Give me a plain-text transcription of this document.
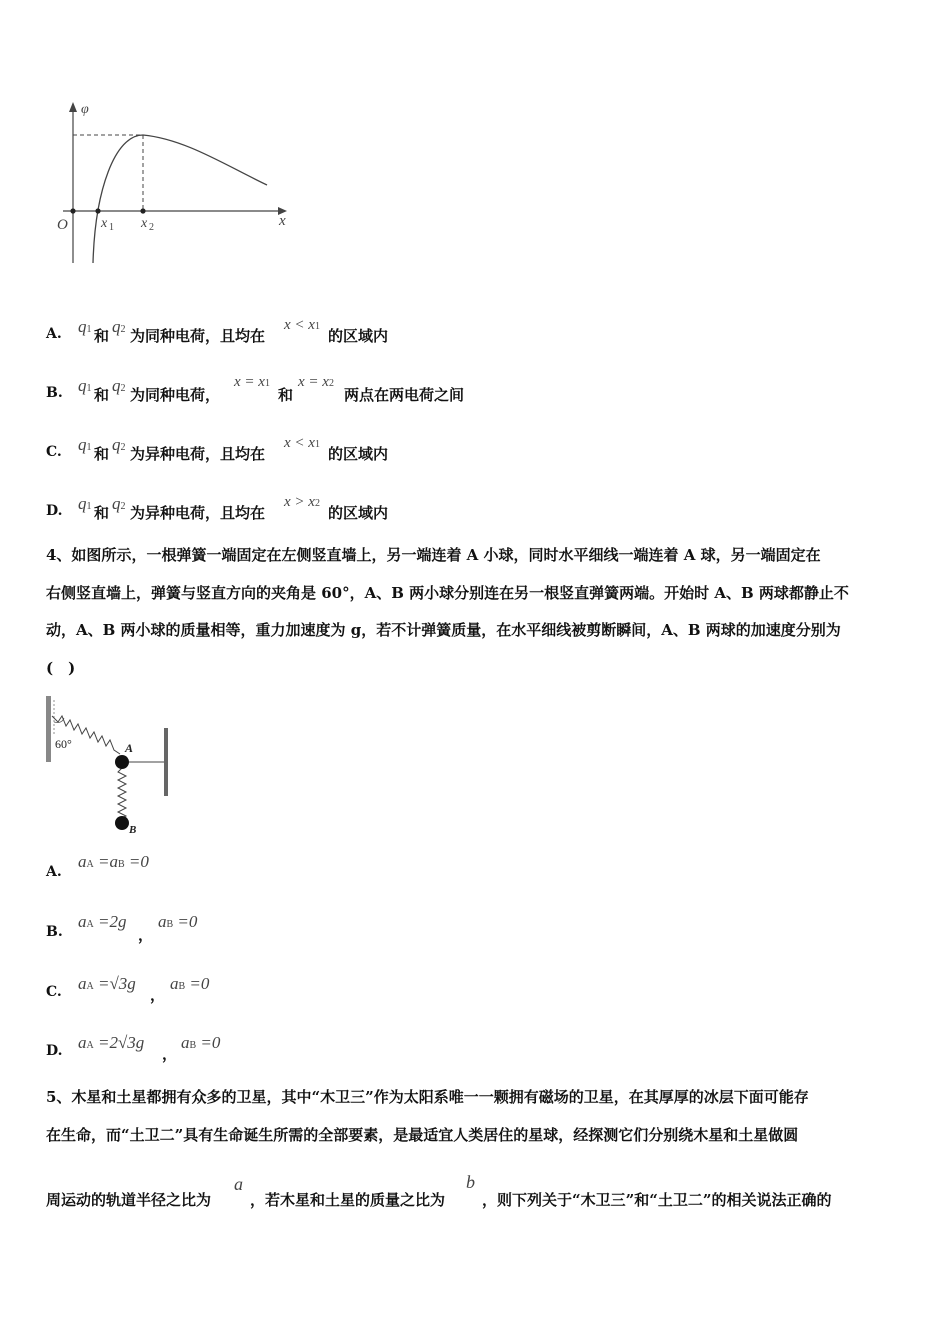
φ
O	x
x 1 x 2
A. q1 和 q2 为同种电荷，且均在
x < x1
的区域内
B. q1 和 q2 为同种电荷，
x = x1
和
x = x2
两点在两电荷之间
C. q1 和 q2 为异种电荷，且均在
x < x1
的区域内
D. q1 和 q2 为异种电荷，且均在
x > x2
的区域内
4、如图所示，一根弹簧一端固定在左侧竖直墙上，另一端连着 A 小球，同时水平细线一端连着 A 球，另一端固定在
右侧竖直墙上，弹簧与竖直方向的夹角是 60°，A、B 两小球分别连在另一根竖直弹簧两端。开始时 A、B 两球都静止不
动，A、B 两小球的质量相等，重力加速度为 g，若不计弹簧质量，在水平细线被剪断瞬间，A、B 两球的加速度分别为
(　)
60°	A
B
A.
aA =aB =0
B.
aA =2g
，
aB =0
C. aA =√3g
，
aB =0
D. aA =2√3g
，
aB =0
5、木星和土星都拥有众多的卫星，其中“木卫三”作为太阳系唯一一颗拥有磁场的卫星，在其厚厚的冰层下面可能存
在生命，而“土卫二”具有生命诞生所需的全部要素，是最适宜人类居住的星球，经探测它们分别绕木星和土星做圆
周运动的轨道半径之比为
a
，若木星和土星的质量之比为
b
，则下列关于“木卫三”和“土卫二”的相关说法正确的
